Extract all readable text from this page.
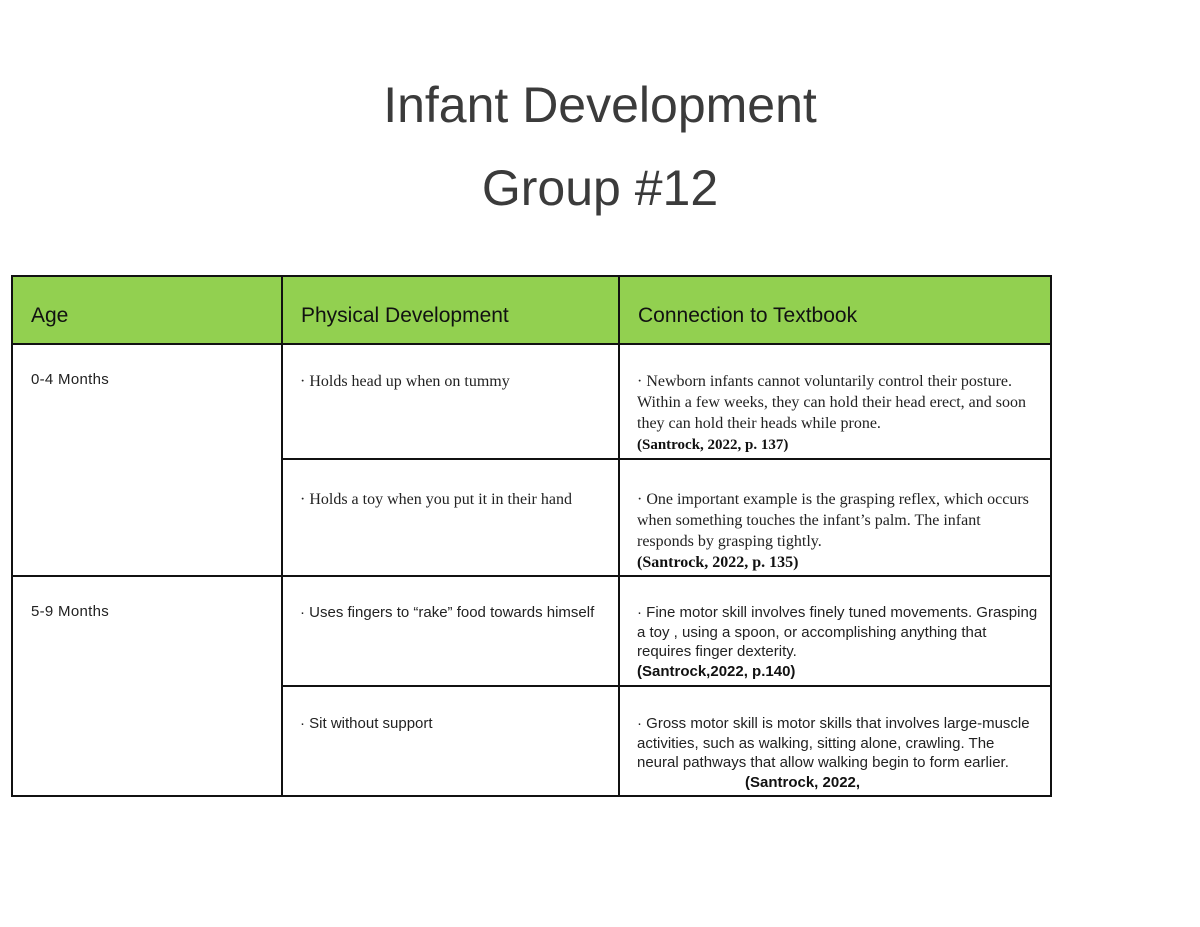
Infant Development
Group #12
Age	Physical Development	Connection to Textbook

0-4 Months	· Holds head up when on tummy	· Newborn infants cannot voluntarily control their posture. Within a few weeks, they can hold their head erect, and soon they can hold their heads while prone.
(Santrock, 2022, p. 137)

	· Holds a toy when you put it in their hand	· One important example is the grasping reflex, which occurs when something touches the infant’s palm. The infant responds by grasping tightly.
(Santrock, 2022, p. 135)

5-9 Months	· Uses fingers to “rake” food towards himself	· Fine motor skill involves finely tuned movements. Grasping a toy , using a spoon, or accomplishing anything that requires finger dexterity.
(Santrock,2022, p.140)

	· Sit without support	· Gross motor skill is motor skills that involves large-muscle activities, such as walking, sitting alone, crawling. The neural pathways that allow walking begin to form earlier.(Santrock, 2022,
